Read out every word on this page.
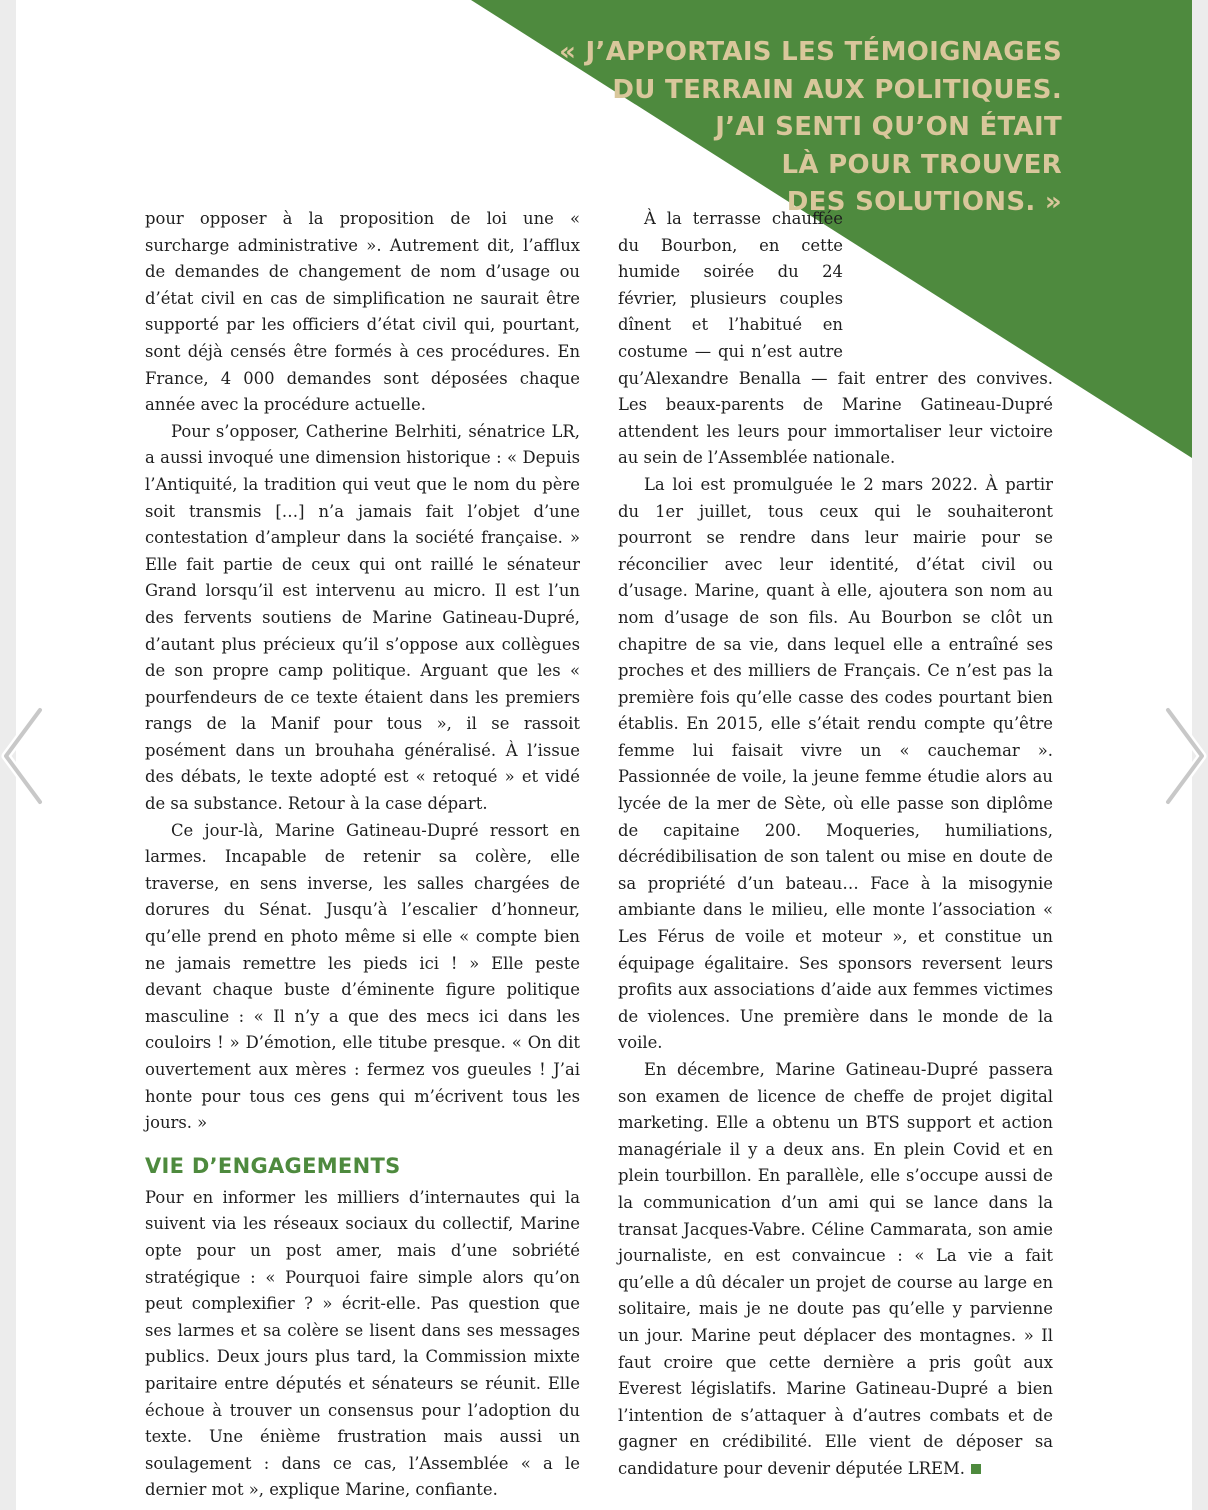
« J’APPORTAIS LES TÉMOIGNAGES
DU TERRAIN AUX POLITIQUES.
J’AI SENTI QU’ON ÉTAIT
LÀ POUR TROUVER
DES SOLUTIONS. »

pour opposer à la proposition de loi une « surcharge administrative ». Autrement dit, l’afflux de demandes de changement de nom d’usage ou d’état civil en cas de simplification ne saurait être supporté par les officiers d’état civil qui, pourtant, sont déjà censés être formés à ces procédures. En France, 4 000 demandes sont déposées chaque année avec la procédure actuelle.

Pour s’opposer, Catherine Belrhiti, sénatrice LR, a aussi invoqué une dimension historique : « Depuis l’Antiquité, la tradition qui veut que le nom du père soit transmis […] n’a jamais fait l’objet d’une contestation d’ampleur dans la société française. » Elle fait partie de ceux qui ont raillé le sénateur Grand lorsqu’il est intervenu au micro. Il est l’un des fervents soutiens de Marine Gatineau-Dupré, d’autant plus précieux qu’il s’oppose aux collègues de son propre camp politique. Arguant que les « pourfendeurs de ce texte étaient dans les premiers rangs de la Manif pour tous », il se rassoit posément dans un brouhaha généralisé. À l’issue des débats, le texte adopté est « retoqué » et vidé de sa substance. Retour à la case départ.

Ce jour-là, Marine Gatineau-Dupré ressort en larmes. Incapable de retenir sa colère, elle traverse, en sens inverse, les salles chargées de dorures du Sénat. Jusqu’à l’escalier d’honneur, qu’elle prend en photo même si elle « compte bien ne jamais remettre les pieds ici ! » Elle peste devant chaque buste d’éminente figure politique masculine : « Il n’y a que des mecs ici dans les couloirs ! » D’émotion, elle titube presque. « On dit ouvertement aux mères : fermez vos gueules ! J’ai honte pour tous ces gens qui m’écrivent tous les jours. »

VIE D’ENGAGEMENTS

Pour en informer les milliers d’internautes qui la suivent via les réseaux sociaux du collectif, Marine opte pour un post amer, mais d’une sobriété stratégique : « Pourquoi faire simple alors qu’on peut complexifier ? » écrit-elle. Pas question que ses larmes et sa colère se lisent dans ses messages publics. Deux jours plus tard, la Commission mixte paritaire entre députés et sénateurs se réunit. Elle échoue à trouver un consensus pour l’adoption du texte. Une énième frustration mais aussi un soulagement : dans ce cas, l’Assemblée « a le dernier mot », explique Marine, confiante.

À la terrasse chauffée du Bourbon, en cette humide soirée du 24 février, plusieurs couples dînent et l’habitué en costume — qui n’est autre qu’Alexandre Benalla — fait entrer des convives. Les beaux-parents de Marine Gatineau-Dupré attendent les leurs pour immortaliser leur victoire au sein de l’Assemblée nationale.

La loi est promulguée le 2 mars 2022. À partir du 1er juillet, tous ceux qui le souhaiteront pourront se rendre dans leur mairie pour se réconcilier avec leur identité, d’état civil ou d’usage. Marine, quant à elle, ajoutera son nom au nom d’usage de son fils. Au Bourbon se clôt un chapitre de sa vie, dans lequel elle a entraîné ses proches et des milliers de Français. Ce n’est pas la première fois qu’elle casse des codes pourtant bien établis. En 2015, elle s’était rendu compte qu’être femme lui faisait vivre un « cauchemar ». Passionnée de voile, la jeune femme étudie alors au lycée de la mer de Sète, où elle passe son diplôme de capitaine 200. Moqueries, humiliations, décrédibilisation de son talent ou mise en doute de sa propriété d’un bateau… Face à la misogynie ambiante dans le milieu, elle monte l’association « Les Férus de voile et moteur », et constitue un équipage égalitaire. Ses sponsors reversent leurs profits aux associations d’aide aux femmes victimes de violences. Une première dans le monde de la voile.

En décembre, Marine Gatineau-Dupré passera son examen de licence de cheffe de projet digital marketing. Elle a obtenu un BTS support et action managériale il y a deux ans. En plein Covid et en plein tourbillon. En parallèle, elle s’occupe aussi de la communication d’un ami qui se lance dans la transat Jacques-Vabre. Céline Cammarata, son amie journaliste, en est convaincue : « La vie a fait qu’elle a dû décaler un projet de course au large en solitaire, mais je ne doute pas qu’elle y parvienne un jour. Marine peut déplacer des montagnes. » Il faut croire que cette dernière a pris goût aux Everest législatifs. Marine Gatineau-Dupré a bien l’intention de s’attaquer à d’autres combats et de gagner en crédibilité. Elle vient de déposer sa candidature pour devenir députée LREM.
